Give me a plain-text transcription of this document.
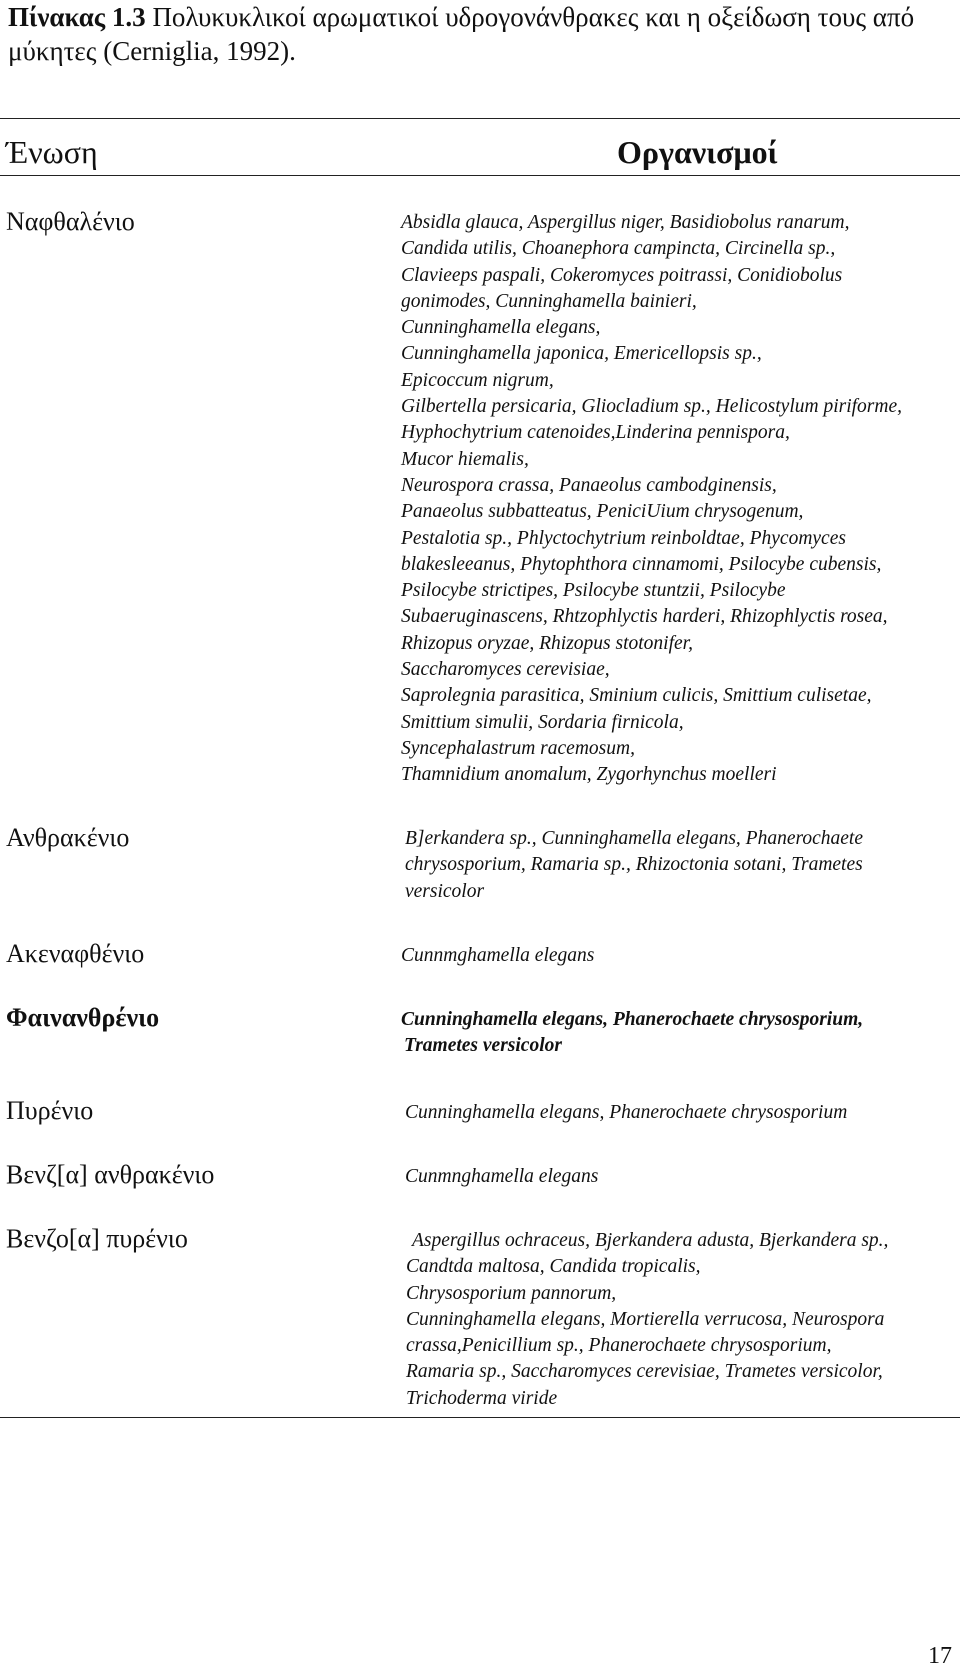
Πίνακας 1.3 Πολυκυκλικοί αρωματικοί υδρογονάνθρακες και η οξείδωση τους από μύκητες (Cerniglia, 1992).
Ένωση	Οργανισμοί
Ναφθαλένιο	Absidla glauca, Aspergillus niger, Basidiobolus ranarum,
Candida utilis, Choanephora campincta, Circinella sp.,
Clavieeps paspali, Cokeromyces poitrassi, Conidiobolus
gonimodes, Cunninghamella bainieri,
Cunninghamella elegans,
Cunninghamella japonica, Emericellopsis sp.,
Epicoccum nigrum,
Gilbertella persicaria, Gliocladium sp., Helicostylum piriforme,
Hyphochytrium catenoides,Linderina pennispora,
Mucor hiemalis,
Neurospora crassa, Panaeolus cambodginensis,
Panaeolus subbatteatus, PeniciUium chrysogenum,
Pestalotia sp., Phlyctochytrium reinboldtae, Phycomyces
blakesleeanus, Phytophthora cinnamomi, Psilocybe cubensis,
Psilocybe strictipes, Psilocybe stuntzii, Psilocybe
Subaeruginascens, Rhtzophlyctis harderi, Rhizophlyctis rosea,
Rhizopus oryzae, Rhizopus stotonifer,
Saccharomyces cerevisiae,
Saprolegnia parasitica, Sminium culicis, Smittium culisetae,
Smittium simulii, Sordaria firnicola,
Syncephalastrum racemosum,
Thamnidium anomalum, Zygorhynchus moelleri
Ανθρακένιο	B]erkandera sp., Cunninghamella elegans, Phanerochaete
chrysosporium, Ramaria sp., Rhizoctonia sotani, Trametes
versicolor
Ακεναφθένιο	Cunnmghamella elegans
Φαινανθρένιο	Cunninghamella elegans, Phanerochaete chrysosporium,
Trametes versicolor
Πυρένιο	Cunninghamella elegans, Phanerochaete chrysosporium
Βενζ[α] ανθρακένιο	Cunmnghamella elegans
Βενζο[α] πυρένιο	Aspergillus ochraceus, Bjerkandera adusta, Bjerkandera sp.,
Candtda maltosa, Candida tropicalis,
Chrysosporium pannorum,
Cunninghamella elegans, Mortierella verrucosa, Neurospora
crassa,Penicillium sp., Phanerochaete chrysosporium,
Ramaria sp., Saccharomyces cerevisiae, Trametes versicolor,
Trichoderma viride
17
